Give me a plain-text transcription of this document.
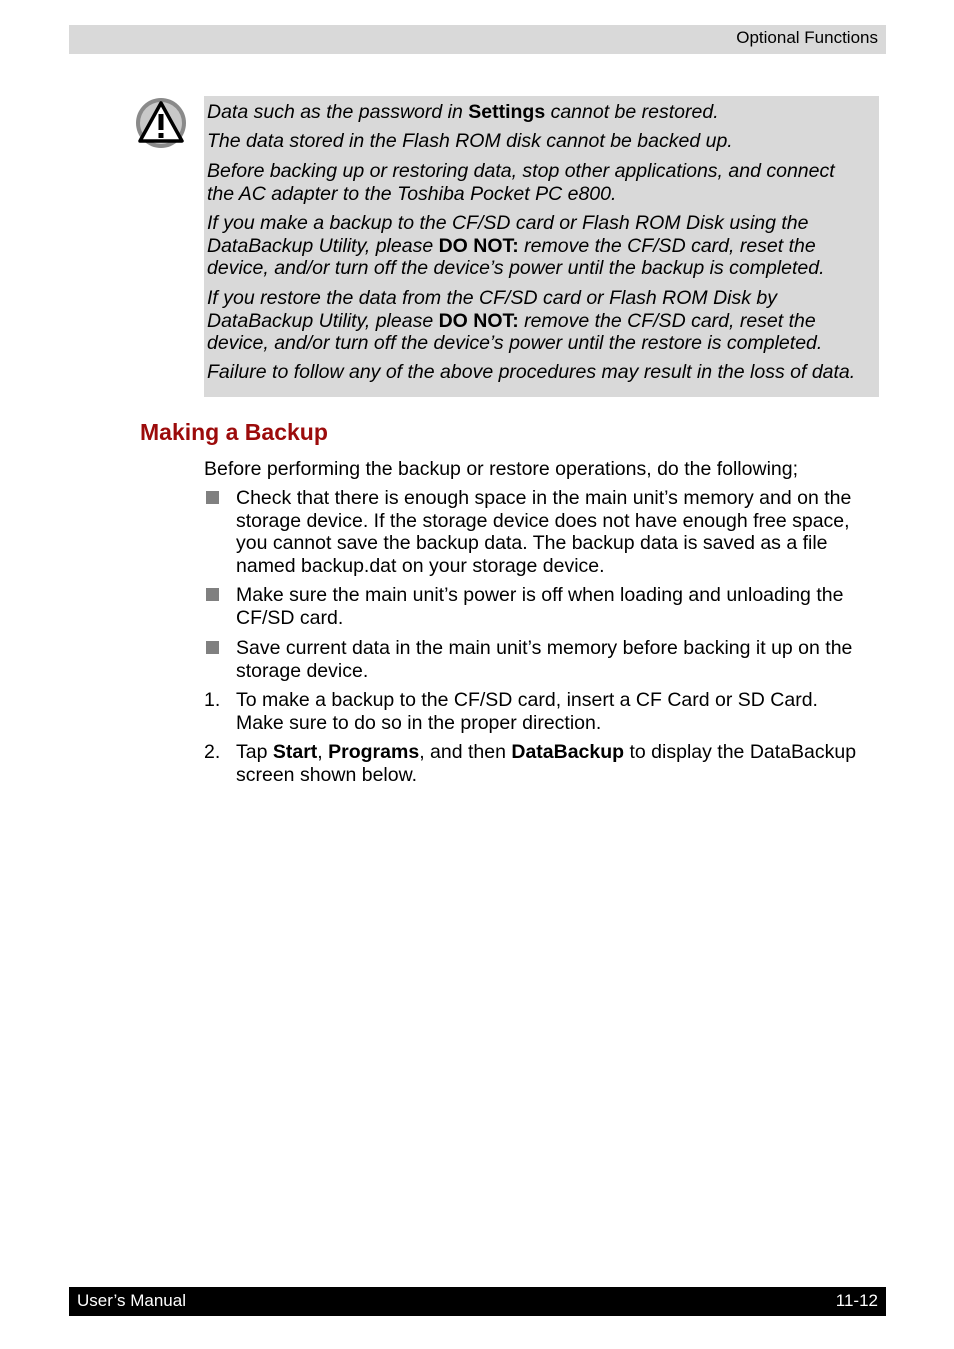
Optional Functions

Data such as the password in Settings cannot be restored.

The data stored in the Flash ROM disk cannot be backed up.

Before backing up or restoring data, stop other applications, and connect
the AC adapter to the Toshiba Pocket PC e800.

If you make a backup to the CF/SD card or Flash ROM Disk using the
DataBackup Utility, please DO NOT: remove the CF/SD card, reset the
device, and/or turn off the device’s power until the backup is completed.

If you restore the data from the CF/SD card or Flash ROM Disk by
DataBackup Utility, please DO NOT: remove the CF/SD card, reset the
device, and/or turn off the device’s power until the restore is completed.

Failure to follow any of the above procedures may result in the loss of data.

Making a Backup

Before performing the backup or restore operations, do the following;

Check that there is enough space in the main unit’s memory and on the
storage device. If the storage device does not have enough free space,
you cannot save the backup data. The backup data is saved as a file
named backup.dat on your storage device.

Make sure the main unit’s power is off when loading and unloading the
CF/SD card.

Save current data in the main unit’s memory before backing it up on the
storage device.

1. To make a backup to the CF/SD card, insert a CF Card or SD Card.
Make sure to do so in the proper direction.

2. Tap Start, Programs, and then DataBackup to display the DataBackup
screen shown below.

User’s Manual	11-12
